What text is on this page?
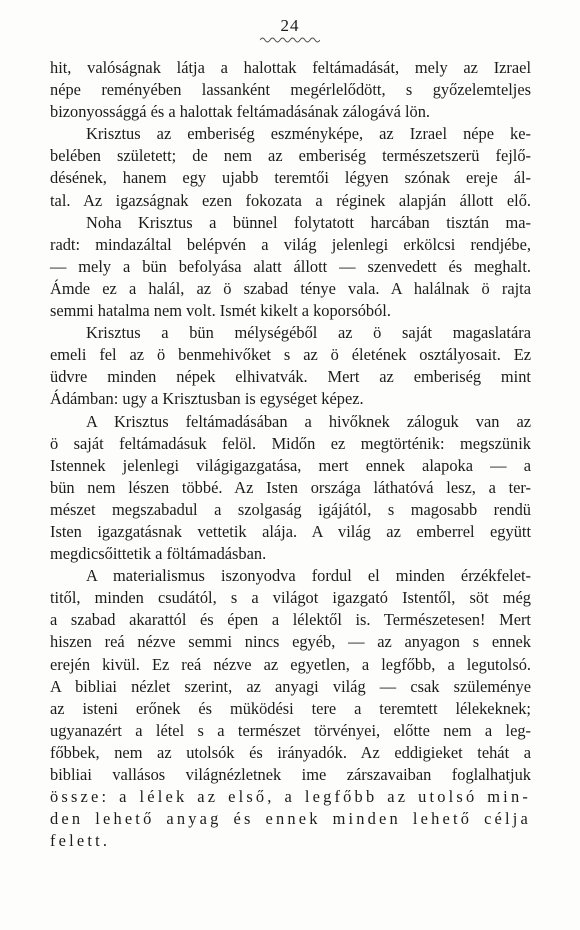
24
hit, valóságnak látja a halottak feltámadását, mely az Izrael
népe reményében lassanként megérlelődött, s győzelemteljes
bizonyossággá és a halottak feltámadásának zálogává lön.
Krisztus az emberiség eszményképe, az Izrael népe ke-
belében született; de nem az emberiség természetszerü fejlő-
désének, hanem egy ujabb teremtői légyen szónak ereje ál-
tal. Az igazságnak ezen fokozata a réginek alapján állott elő.
Noha Krisztus a bünnel folytatott harcában tisztán ma-
radt: mindazáltal belépvén a világ jelenlegi erkölcsi rendjébe,
— mely a bün befolyása alatt állott — szenvedett és meghalt.
Ámde ez a halál, az ö szabad tényе vala. A halálnak ö rajta
semmi hatalma nem volt. Ismét kikelt a koporsóból.
Krisztus a bün mélységéből az ö saját magaslatára
emeli fel az ö benmehivőket s az ö életének osztályosait. Ez
üdvre minden népek elhivatvák. Mert az emberiség mint
Ádámban: ugy a Krisztusban is egységet képez.
A Krisztus feltámadásában a hivőknek záloguk van az
ö saját feltámadásuk felöl. Midőn ez megtörténik: megszünik
Istennek jelenlegi világigazgatása, mert ennek alapoka — a
bün nem lészen többé. Az Isten országa láthatóvá lesz, a ter-
mészet megszabadul a szolgaság igájától, s magosabb rendü
Isten igazgatásnak vettetik alája. A világ az emberrel együtt
megdicsőittetik a föltámadásban.
A materialismus iszonyodva fordul el minden érzékfelet-
titől, minden csudától, s a világot igazgató Istentől, söt még
a szabad akarattól és épen a lélektől is. Természetesen! Mert
hiszen reá nézve semmi nincs egyéb, — az anyagon s ennek
erején kivül. Ez reá nézve az egyetlen, a legfőbb, a legutolsó.
A bibliai nézlet szerint, az anyagi világ — csak szüleménye
az isteni erőnek és müködési tere a teremtett lélekeknek;
ugyanazért a létel s a természet törvényei, előtte nem a leg-
főbbek, nem az utolsók és irányadók. Az eddigieket tehát a
bibliai vallásos világnézletnek ime zárszavaiban foglalhatjuk
össze: a lélek az első, a legfőbb az utolsó min-
den lehető anyag és ennek minden lehető célja
felett.
